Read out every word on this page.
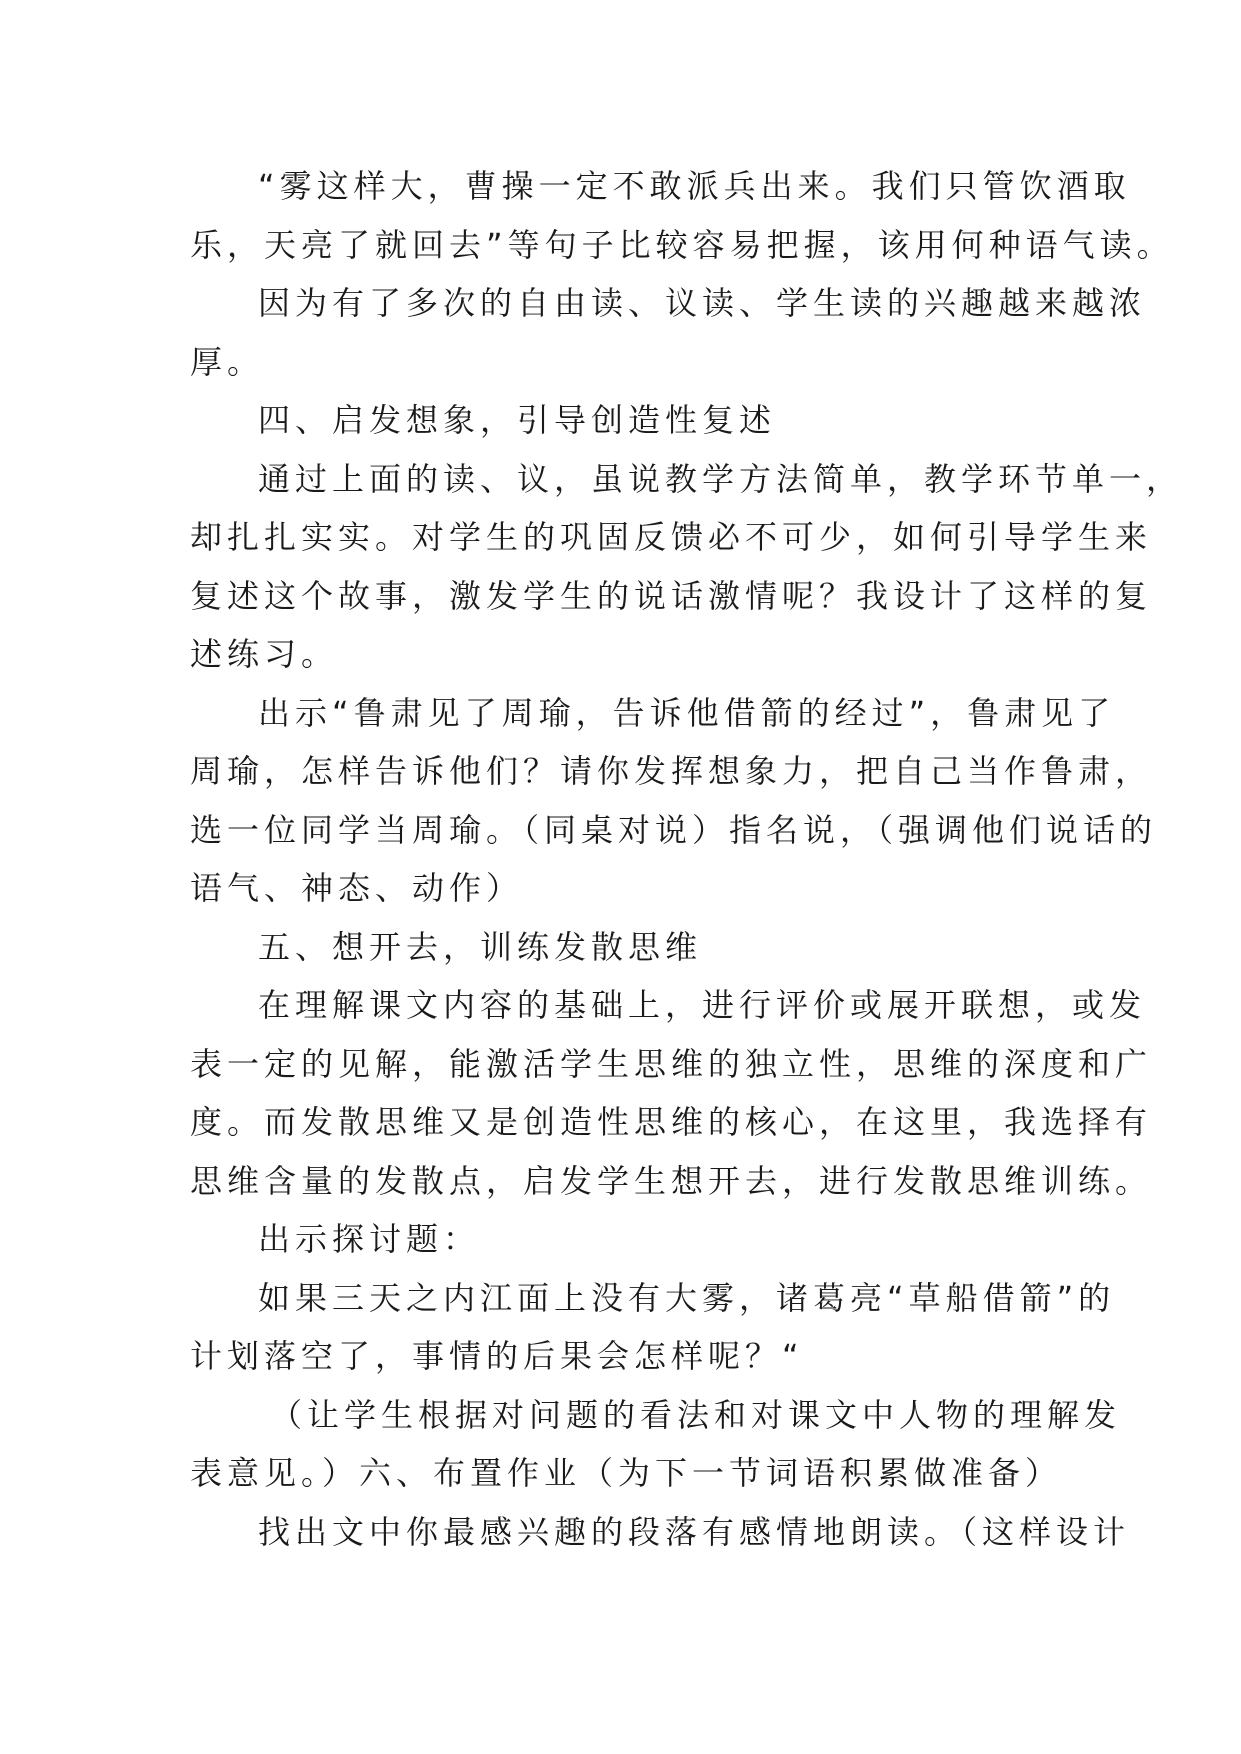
“雾这样大，曹操一定不敢派兵出来。我们只管饮酒取
乐，天亮了就回去”等句子比较容易把握，该用何种语气读。
因为有了多次的自由读、议读、学生读的兴趣越来越浓
厚。
四、启发想象，引导创造性复述
通过上面的读、议，虽说教学方法简单，教学环节单一，
却扎扎实实。对学生的巩固反馈必不可少，如何引导学生来
复述这个故事，激发学生的说话激情呢？我设计了这样的复
述练习。
出示“鲁肃见了周瑜，告诉他借箭的经过”，鲁肃见了
周瑜，怎样告诉他们？请你发挥想象力，把自己当作鲁肃，
选一位同学当周瑜。（同桌对说）指名说，（强调他们说话的
语气、神态、动作）
五、想开去，训练发散思维
在理解课文内容的基础上，进行评价或展开联想，或发
表一定的见解，能激活学生思维的独立性，思维的深度和广
度。而发散思维又是创造性思维的核心，在这里，我选择有
思维含量的发散点，启发学生想开去，进行发散思维训练。
出示探讨题：
如果三天之内江面上没有大雾，诸葛亮“草船借箭”的
计划落空了，事情的后果会怎样呢？“
（让学生根据对问题的看法和对课文中人物的理解发
表意见。）六、布置作业（为下一节词语积累做准备）
找出文中你最感兴趣的段落有感情地朗读。（这样设计
